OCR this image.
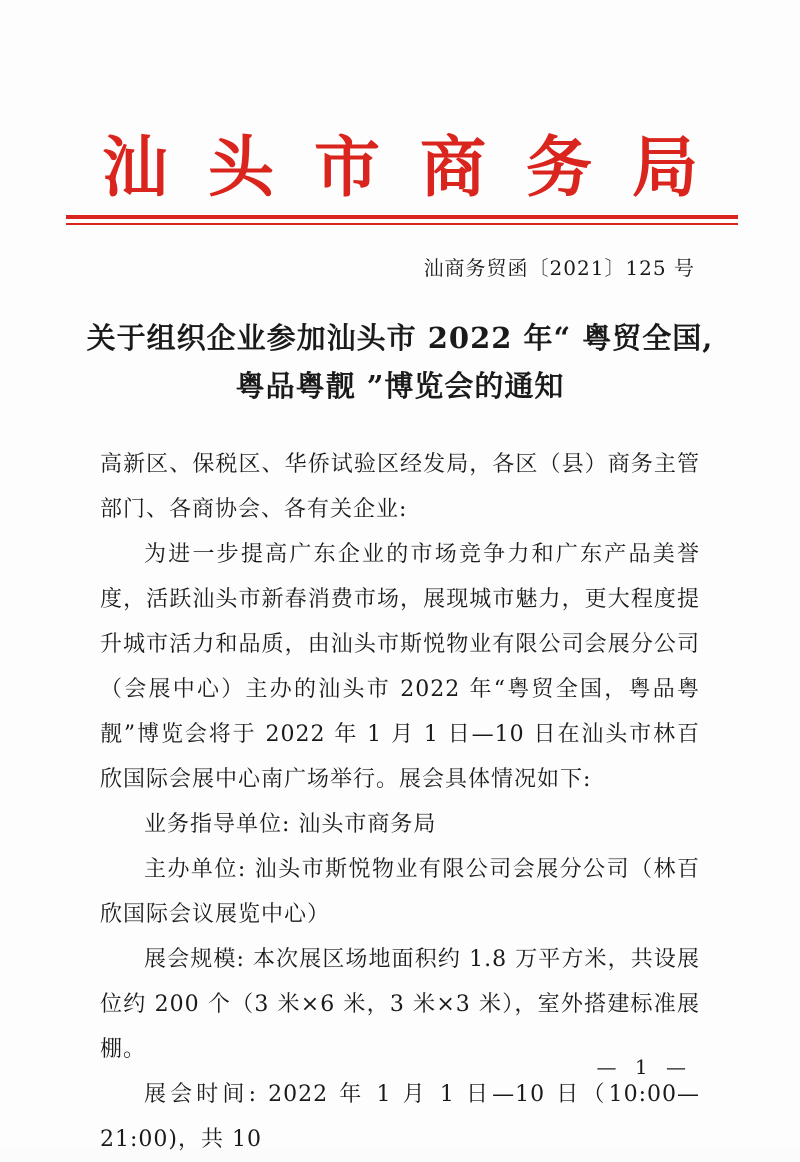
汕头市商务局
汕商务贸函〔2021〕125 号
关于组织企业参加汕头市 2022 年“ 粤贸全国,
粤品粤靓 ”博览会的通知

高新区、保税区、华侨试验区经发局，各区（县）商务主管部门、各商协会、各有关企业:

为进一步提高广东企业的市场竞争力和广东产品美誉度，活跃汕头市新春消费市场，展现城市魅力，更大程度提升城市活力和品质，由汕头市斯悦物业有限公司会展分公司（会展中心）主办的汕头市 2022 年“粤贸全国，粤品粤靓”博览会将于 2022 年 1 月 1 日—10 日在汕头市林百欣国际会展中心南广场举行。展会具体情况如下:

业务指导单位: 汕头市商务局

主办单位: 汕头市斯悦物业有限公司会展分公司（林百欣国际会议展览中心）

展会规模: 本次展区场地面积约 1.8 万平方米，共设展位约 200 个（3 米×6 米，3 米×3 米），室外搭建标准展棚。

展会时间: 2022 年 1 月 1 日—10 日（10:00—21:00)，共 10

— 1 —
